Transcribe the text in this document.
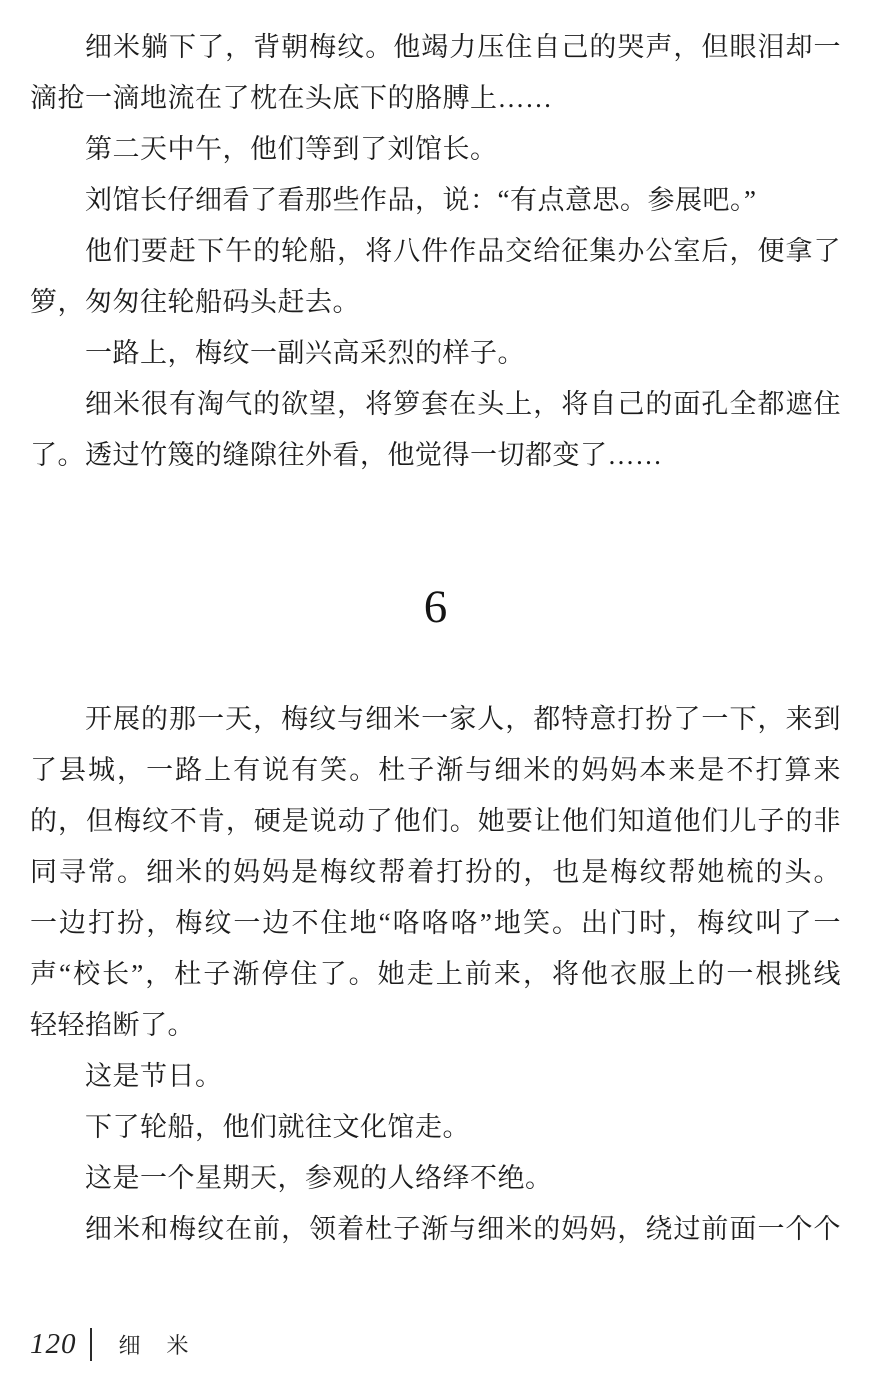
细米躺下了，背朝梅纹。他竭力压住自己的哭声，但眼泪却一
滴抢一滴地流在了枕在头底下的胳膊上……

第二天中午，他们等到了刘馆长。

刘馆长仔细看了看那些作品，说：“有点意思。参展吧。”

他们要赶下午的轮船，将八件作品交给征集办公室后，便拿了
箩，匆匆往轮船码头赶去。

一路上，梅纹一副兴高采烈的样子。

细米很有淘气的欲望，将箩套在头上，将自己的面孔全都遮住
了。透过竹篾的缝隙往外看，他觉得一切都变了……

6

开展的那一天，梅纹与细米一家人，都特意打扮了一下，来到
了县城，一路上有说有笑。杜子渐与细米的妈妈本来是不打算来
的，但梅纹不肯，硬是说动了他们。她要让他们知道他们儿子的非
同寻常。细米的妈妈是梅纹帮着打扮的，也是梅纹帮她梳的头。
一边打扮，梅纹一边不住地“咯咯咯”地笑。出门时，梅纹叫了一
声“校长”，杜子渐停住了。她走上前来，将他衣服上的一根挑线
轻轻掐断了。

这是节日。

下了轮船，他们就往文化馆走。

这是一个星期天，参观的人络绎不绝。

细米和梅纹在前，领着杜子渐与细米的妈妈，绕过前面一个个

120 细　米
